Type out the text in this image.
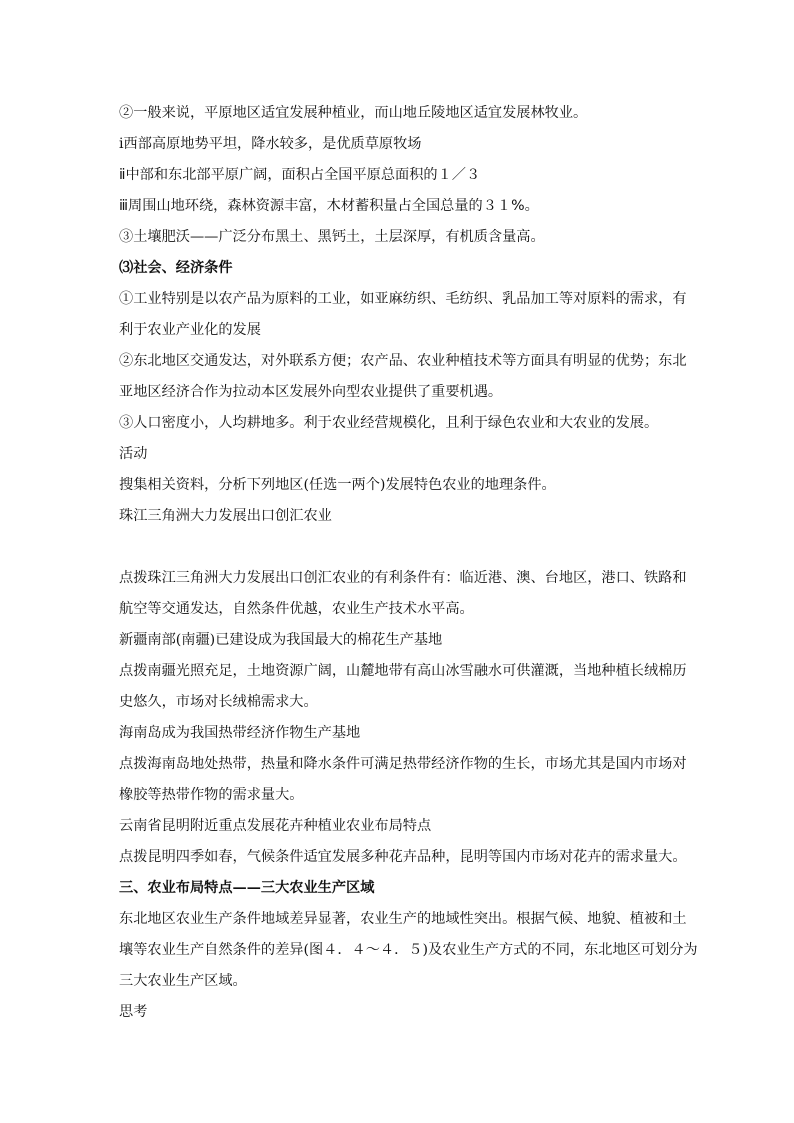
②一般来说，平原地区适宜发展种植业，而山地丘陵地区适宜发展林牧业。
ⅰ西部高原地势平坦，降水较多，是优质草原牧场
ⅱ中部和东北部平原广阔，面积占全国平原总面积的１／３
ⅲ周围山地环绕，森林资源丰富，木材蓄积量占全国总量的３１%。
③土壤肥沃——广泛分布黑土、黑钙土，土层深厚，有机质含量高。
⑶社会、经济条件
①工业特别是以农产品为原料的工业，如亚麻纺织、毛纺织、乳品加工等对原料的需求，有
利于农业产业化的发展
②东北地区交通发达，对外联系方便；农产品、农业种植技术等方面具有明显的优势；东北
亚地区经济合作为拉动本区发展外向型农业提供了重要机遇。
③人口密度小，人均耕地多。利于农业经营规模化，且利于绿色农业和大农业的发展。
活动
搜集相关资料，分析下列地区(任选一两个)发展特色农业的地理条件。
珠江三角洲大力发展出口创汇农业
点拨珠江三角洲大力发展出口创汇农业的有利条件有：临近港、澳、台地区，港口、铁路和
航空等交通发达，自然条件优越，农业生产技术水平高。
新疆南部(南疆)已建设成为我国最大的棉花生产基地
点拨南疆光照充足，土地资源广阔，山麓地带有高山冰雪融水可供灌溉，当地种植长绒棉历
史悠久，市场对长绒棉需求大。
海南岛成为我国热带经济作物生产基地
点拨海南岛地处热带，热量和降水条件可满足热带经济作物的生长，市场尤其是国内市场对
橡胶等热带作物的需求量大。
云南省昆明附近重点发展花卉种植业农业布局特点
点拨昆明四季如春，气候条件适宜发展多种花卉品种，昆明等国内市场对花卉的需求量大。
三、农业布局特点——三大农业生产区域
东北地区农业生产条件地域差异显著，农业生产的地域性突出。根据气候、地貌、植被和土
壤等农业生产自然条件的差异(图４．４～４．５)及农业生产方式的不同，东北地区可划分为
三大农业生产区域。
思考
